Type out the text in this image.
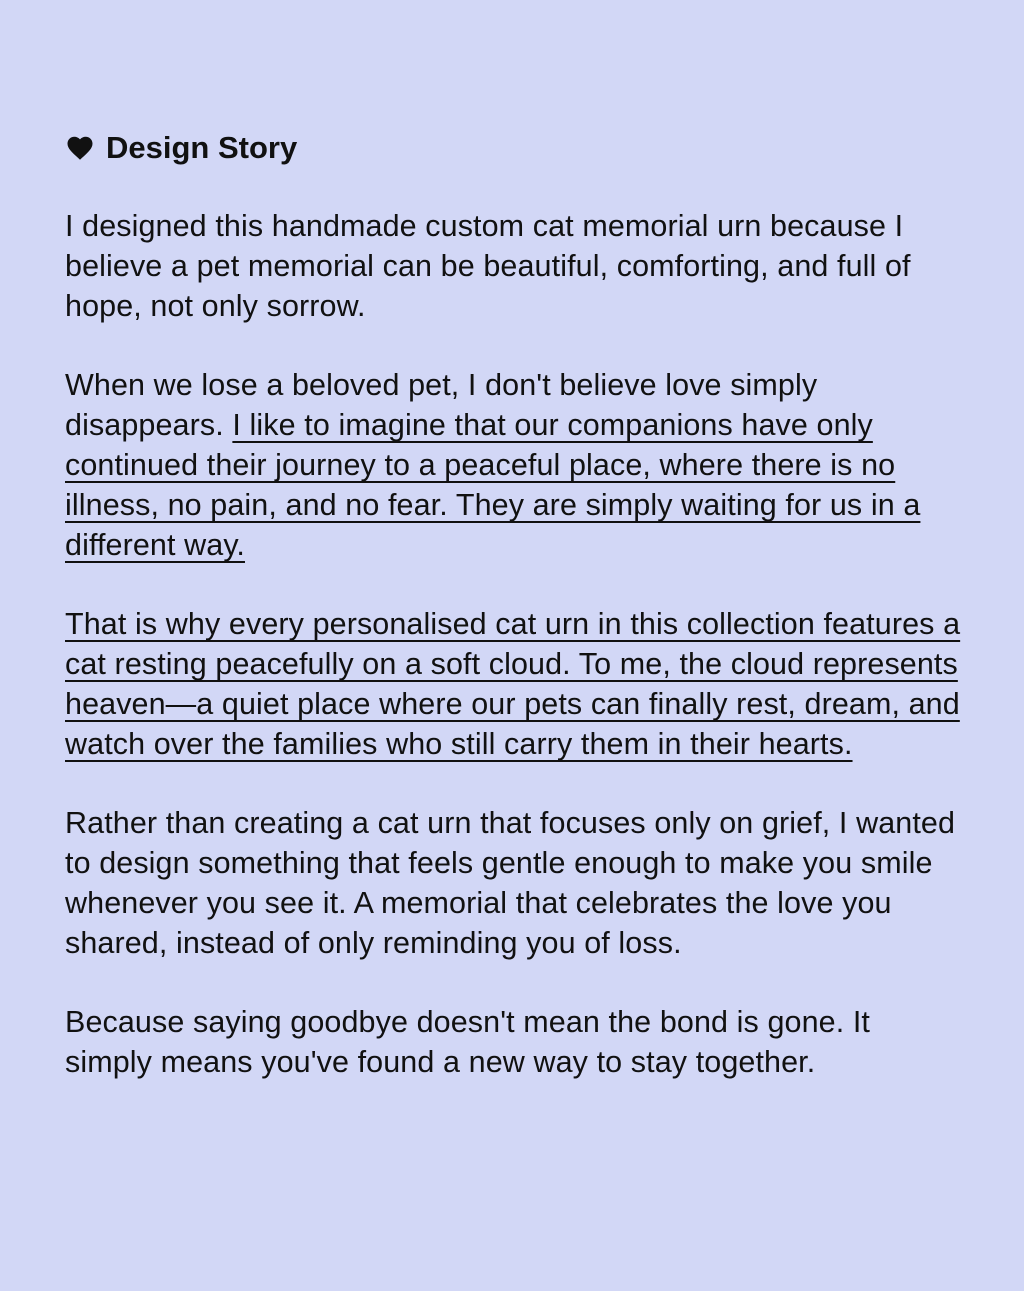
Design Story

I designed this handmade custom cat memorial urn because I believe a pet memorial can be beautiful, comforting, and full of hope, not only sorrow.

When we lose a beloved pet, I don't believe love simply disappears. I like to imagine that our companions have only continued their journey to a peaceful place, where there is no illness, no pain, and no fear. They are simply waiting for us in a different way.

That is why every personalised cat urn in this collection features a cat resting peacefully on a soft cloud. To me, the cloud represents heaven—a quiet place where our pets can finally rest, dream, and watch over the families who still carry them in their hearts.

Rather than creating a cat urn that focuses only on grief, I wanted to design something that feels gentle enough to make you smile whenever you see it. A memorial that celebrates the love you shared, instead of only reminding you of loss.

Because saying goodbye doesn't mean the bond is gone. It simply means you've found a new way to stay together.
